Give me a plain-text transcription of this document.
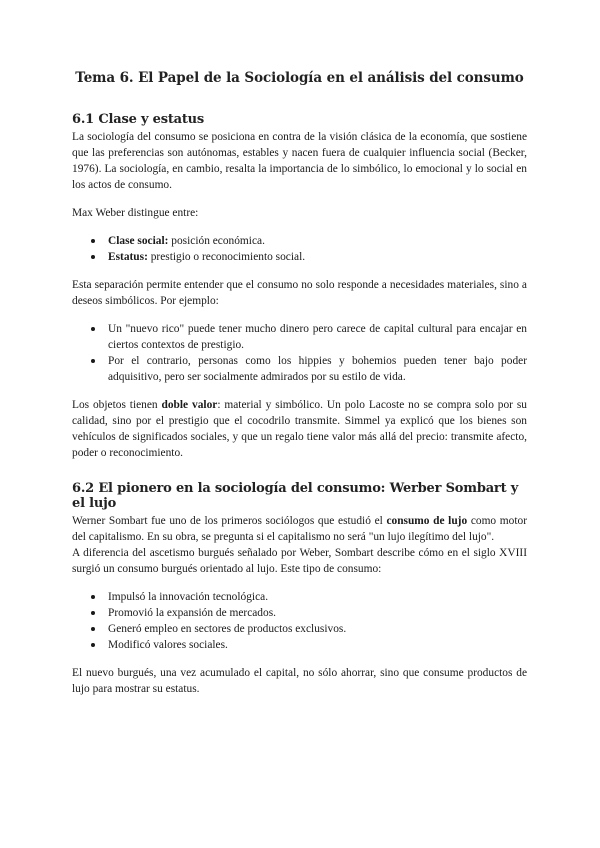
Tema 6. El Papel de la Sociología en el análisis del consumo
6.1 Clase y estatus

La sociología del consumo se posiciona en contra de la visión clásica de la economía, que sostiene que las preferencias son autónomas, estables y nacen fuera de cualquier influencia social (Becker, 1976). La sociología, en cambio, resalta la importancia de lo simbólico, lo emocional y lo social en los actos de consumo.

Max Weber distingue entre:

Clase social: posición económica.
Estatus: prestigio o reconocimiento social.

Esta separación permite entender que el consumo no solo responde a necesidades materiales, sino a deseos simbólicos. Por ejemplo:

Un "nuevo rico" puede tener mucho dinero pero carece de capital cultural para encajar en ciertos contextos de prestigio.
Por el contrario, personas como los hippies y bohemios pueden tener bajo poder adquisitivo, pero ser socialmente admirados por su estilo de vida.

Los objetos tienen doble valor: material y simbólico. Un polo Lacoste no se compra solo por su calidad, sino por el prestigio que el cocodrilo transmite. Simmel ya explicó que los bienes son vehículos de significados sociales, y que un regalo tiene valor más allá del precio: transmite afecto, poder o reconocimiento.

6.2 El pionero en la sociología del consumo: Werber Sombart y el lujo

Werner Sombart fue uno de los primeros sociólogos que estudió el consumo de lujo como motor del capitalismo. En su obra, se pregunta si el capitalismo no será "un lujo ilegítimo del lujo".

A diferencia del ascetismo burgués señalado por Weber, Sombart describe cómo en el siglo XVIII surgió un consumo burgués orientado al lujo. Este tipo de consumo:

Impulsó la innovación tecnológica.
Promovió la expansión de mercados.
Generó empleo en sectores de productos exclusivos.
Modificó valores sociales.

El nuevo burgués, una vez acumulado el capital, no sólo ahorrar, sino que consume productos de lujo para mostrar su estatus.
